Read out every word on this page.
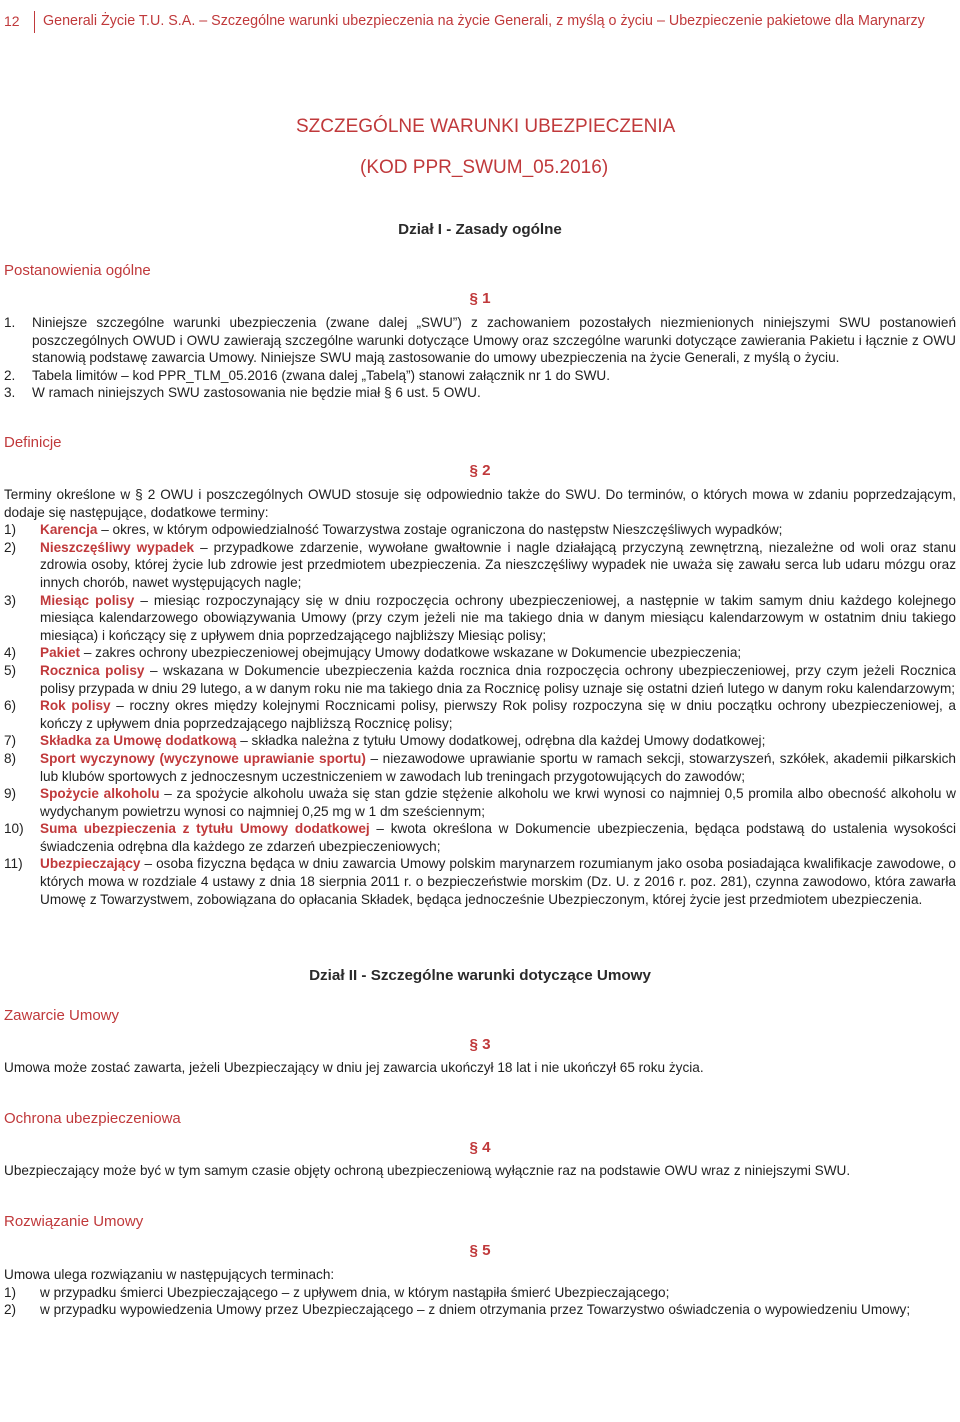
12	Generali Życie T.U. S.A. – Szczególne warunki ubezpieczenia na życie Generali, z myślą o życiu – Ubezpieczenie pakietowe dla Marynarzy
SZCZEGÓLNE WARUNKI UBEZPIECZENIA
(KOD PPR_SWUM_05.2016)
Dział I - Zasady ogólne
Postanowienia ogólne
§ 1
1.	Niniejsze szczególne warunki ubezpieczenia (zwane dalej „SWU”) z zachowaniem pozostałych niezmienionych niniejszymi SWU postanowień poszczególnych OWUD i OWU zawierają szczególne warunki dotyczące Umowy oraz szczególne warunki dotyczące zawierania Pakietu i łącznie z OWU stanowią podstawę zawarcia Umowy. Niniejsze SWU mają zastosowanie do umowy ubezpieczenia na życie Generali, z myślą o życiu.
2.	Tabela limitów – kod PPR_TLM_05.2016 (zwana dalej „Tabelą”) stanowi załącznik nr 1 do SWU.
3.	W ramach niniejszych SWU zastosowania nie będzie miał § 6 ust. 5 OWU.
Definicje
§ 2

Terminy określone w § 2 OWU i poszczególnych OWUD stosuje się odpowiednio także do SWU. Do terminów, o których mowa w zdaniu poprzedzającym, dodaje się następujące, dodatkowe terminy:

1)	Karencja – okres, w którym odpowiedzialność Towarzystwa zostaje ograniczona do następstw Nieszczęśliwych wypadków;
2)	Nieszczęśliwy wypadek – przypadkowe zdarzenie, wywołane gwałtownie i nagle działającą przyczyną zewnętrzną, niezależne od woli oraz stanu zdrowia osoby, której życie lub zdrowie jest przedmiotem ubezpieczenia. Za nieszczęśliwy wypadek nie uważa się zawału serca lub udaru mózgu oraz innych chorób, nawet występujących nagle;
3)	Miesiąc polisy – miesiąc rozpoczynający się w dniu rozpoczęcia ochrony ubezpieczeniowej, a następnie w takim samym dniu każdego kolejnego miesiąca kalendarzowego obowiązywania Umowy (przy czym jeżeli nie ma takiego dnia w danym miesiącu kalendarzowym w ostatnim dniu takiego miesiąca) i kończący się z upływem dnia poprzedzającego najbliższy Miesiąc polisy;
4)	Pakiet – zakres ochrony ubezpieczeniowej obejmujący Umowy dodatkowe wskazane w Dokumencie ubezpieczenia;
5)	Rocznica polisy – wskazana w Dokumencie ubezpieczenia każda rocznica dnia rozpoczęcia ochrony ubezpieczeniowej, przy czym jeżeli Rocznica polisy przypada w dniu 29 lutego, a w danym roku nie ma takiego dnia za Rocznicę polisy uznaje się ostatni dzień lutego w danym roku kalendarzowym;
6)	Rok polisy – roczny okres między kolejnymi Rocznicami polisy, pierwszy Rok polisy rozpoczyna się w dniu początku ochrony ubezpieczeniowej, a kończy z upływem dnia poprzedzającego najbliższą Rocznicę polisy;
7)	Składka za Umowę dodatkową – składka należna z tytułu Umowy dodatkowej, odrębna dla każdej Umowy dodatkowej;
8)	Sport wyczynowy (wyczynowe uprawianie sportu) – niezawodowe uprawianie sportu w ramach sekcji, stowarzyszeń, szkółek, akademii piłkarskich lub klubów sportowych z jednoczesnym uczestniczeniem w zawodach lub treningach przygotowujących do zawodów;
9)	Spożycie alkoholu – za spożycie alkoholu uważa się stan gdzie stężenie alkoholu we krwi wynosi co najmniej 0,5 promila albo obecność alkoholu w wydychanym powietrzu wynosi co najmniej 0,25 mg w 1 dm sześciennym;
10)	Suma ubezpieczenia z tytułu Umowy dodatkowej – kwota określona w Dokumencie ubezpieczenia, będąca podstawą do ustalenia wysokości świadczenia odrębna dla każdego ze zdarzeń ubezpieczeniowych;
11)	Ubezpieczający – osoba fizyczna będąca w dniu zawarcia Umowy polskim marynarzem rozumianym jako osoba posiadająca kwalifikacje zawodowe, o których mowa w rozdziale 4 ustawy z dnia 18 sierpnia 2011 r. o bezpieczeństwie morskim (Dz. U. z 2016 r. poz. 281), czynna zawodowo, która zawarła Umowę z Towarzystwem, zobowiązana do opłacania Składek, będąca jednocześnie Ubezpieczonym, której życie jest przedmiotem ubezpieczenia.
Dział II - Szczególne warunki dotyczące Umowy
Zawarcie Umowy
§ 3
Umowa może zostać zawarta, jeżeli Ubezpieczający w dniu jej zawarcia ukończył 18 lat i nie ukończył 65 roku życia.
Ochrona ubezpieczeniowa
§ 4
Ubezpieczający może być w tym samym czasie objęty ochroną ubezpieczeniową wyłącznie raz na podstawie OWU wraz z niniejszymi SWU.
Rozwiązanie Umowy
§ 5

Umowa ulega rozwiązaniu w następujących terminach:

1)	w przypadku śmierci Ubezpieczającego – z upływem dnia, w którym nastąpiła śmierć Ubezpieczającego;
2)	w przypadku wypowiedzenia Umowy przez Ubezpieczającego – z dniem otrzymania przez Towarzystwo oświadczenia o wypowiedzeniu Umowy;
